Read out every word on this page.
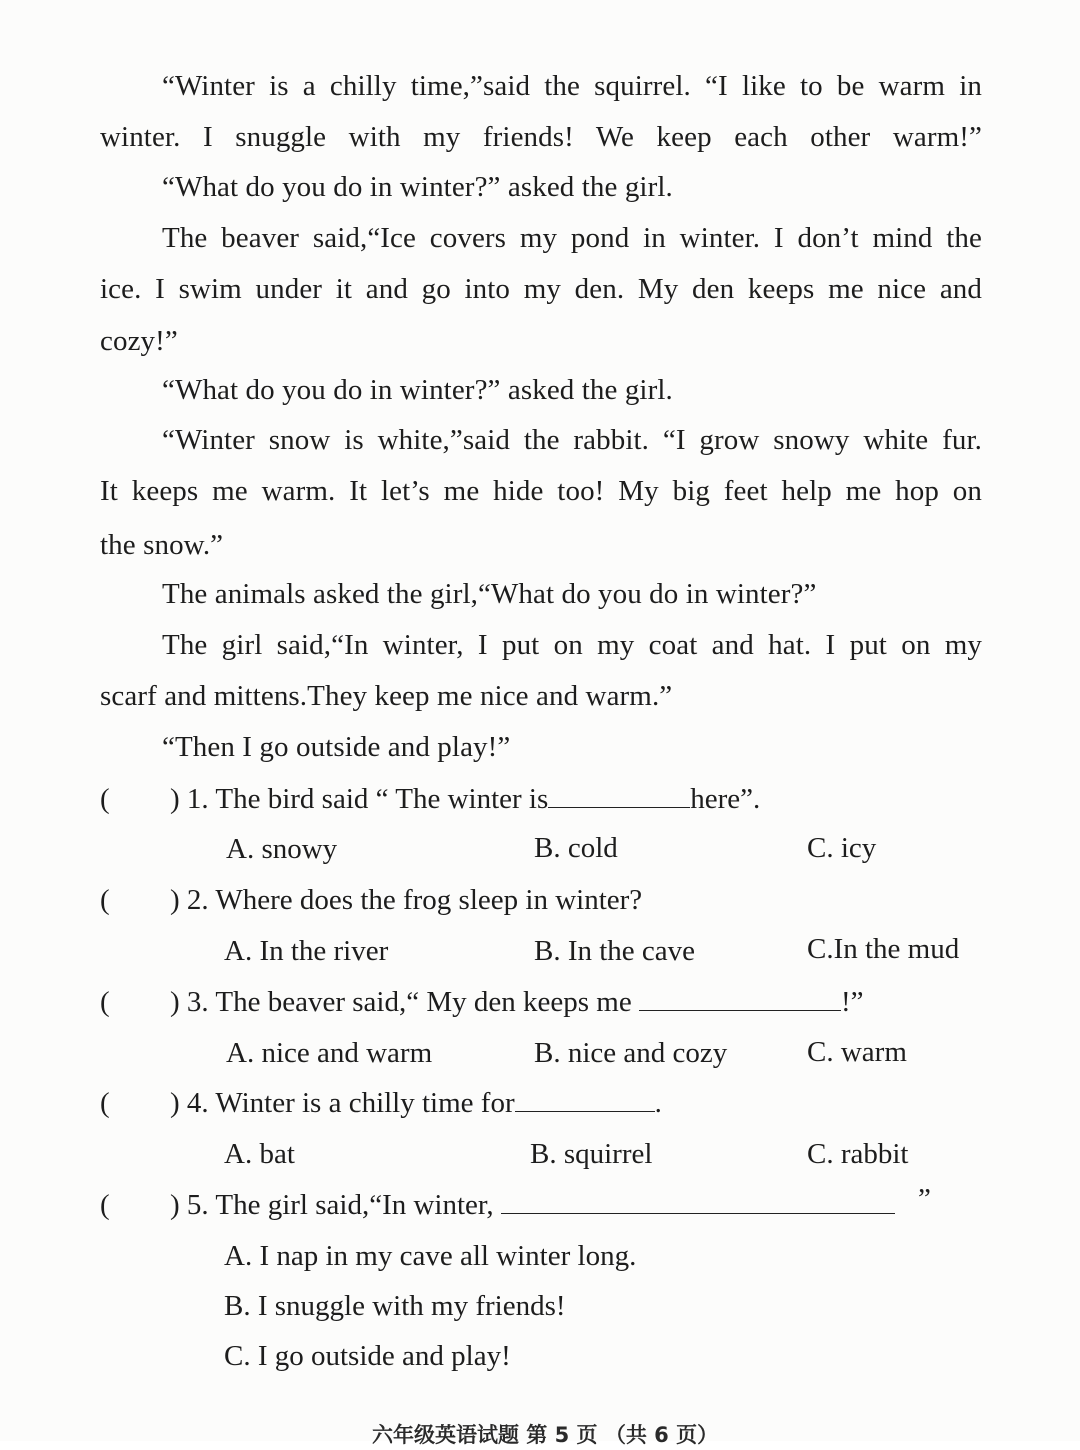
“Winter is a chilly time,”said the squirrel. “I like to be warm in
winter. I snuggle with my friends! We keep each other warm!”
“What do you do in winter?” asked the girl.
The beaver said,“Ice covers my pond in winter. I don’t mind the
ice. I swim under it and go into my den. My den keeps me nice and
cozy!”
“What do you do in winter?” asked the girl.
“Winter snow is white,”said the rabbit. “I grow snowy white fur.
It keeps me warm. It let’s me hide too! My big feet help me hop on
the snow.”
The animals asked the girl,“What do you do in winter?”
The girl said,“In winter, I put on my coat and hat. I put on my
scarf and mittens.They keep me nice and warm.”
“Then I go outside and play!”
( ) 1. The bird said “ The winter is	here”.
A. snowy	B. cold	C. icy
( ) 2. Where does the frog sleep in winter?
A. In the river	B. In the cave	C.In the mud
( ) 3. The beaver said,“ My den keeps me	!”
A. nice and warm	B. nice and cozy	C. warm
( ) 4. Winter is a chilly time for	.
A. bat	B. squirrel	C. rabbit
( ) 5. The girl said,“In winter,	”
A. I nap in my cave all winter long.
B. I snuggle with my friends!
C. I go outside and play!
六年级英语试题 第 5 页 （共 6 页）
